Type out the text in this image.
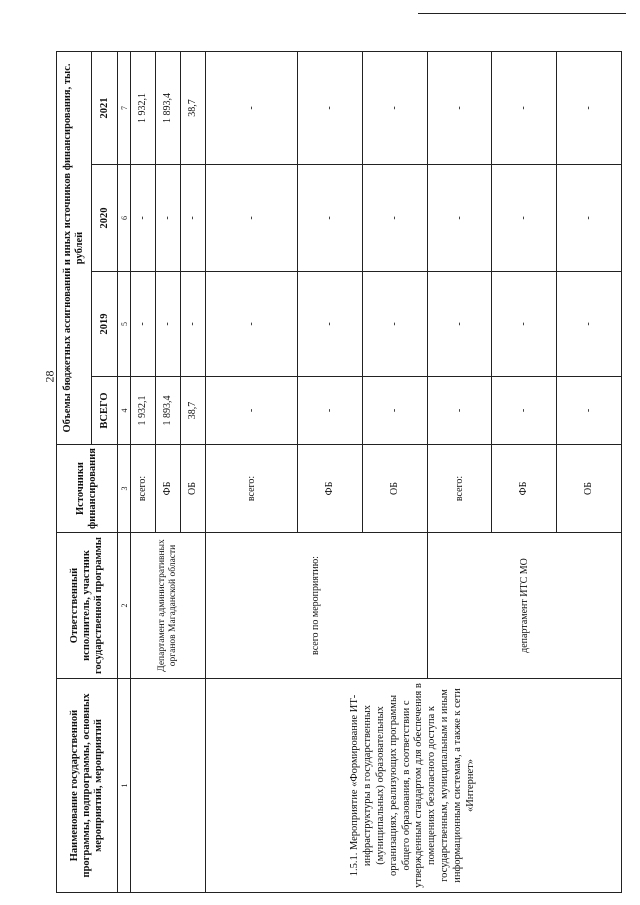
28
Наименование государственной программы, подпрограммы, основных мероприятий, мероприятий	Ответственный исполнитель, участник государственной программы	Источники финансирования	Объемы бюджетных ассигнований и иных источников финансирования, тыс. рублей			
			ВСЕГО	2019	2020	2021
1	2	3	4	5	6	7
	Департамент административных органов Магаданской области	всего:	1 932,1	-	-	1 932,1
		ФБ	1 893,4	-	-	1 893,4
		ОБ	38,7	-	-	38,7
1.5.1. Мероприятие «Формирование ИТ-инфраструктуры в государственных (муниципальных) образовательных организациях, реализующих программы общего образования, в соответствии с утвержденным стандартом для обеспечения в помещениях безопасного доступа к государственным, муниципальным и иным информационным системам, а также к сети «Интернет»	всего по мероприятию:	всего:	-	-	-	-
		ФБ	-	-	-	-
		ОБ	-	-	-	-
	департамент ИТС МО	всего:	-	-	-	-
		ФБ	-	-	-	-
		ОБ	-	-	-	-
